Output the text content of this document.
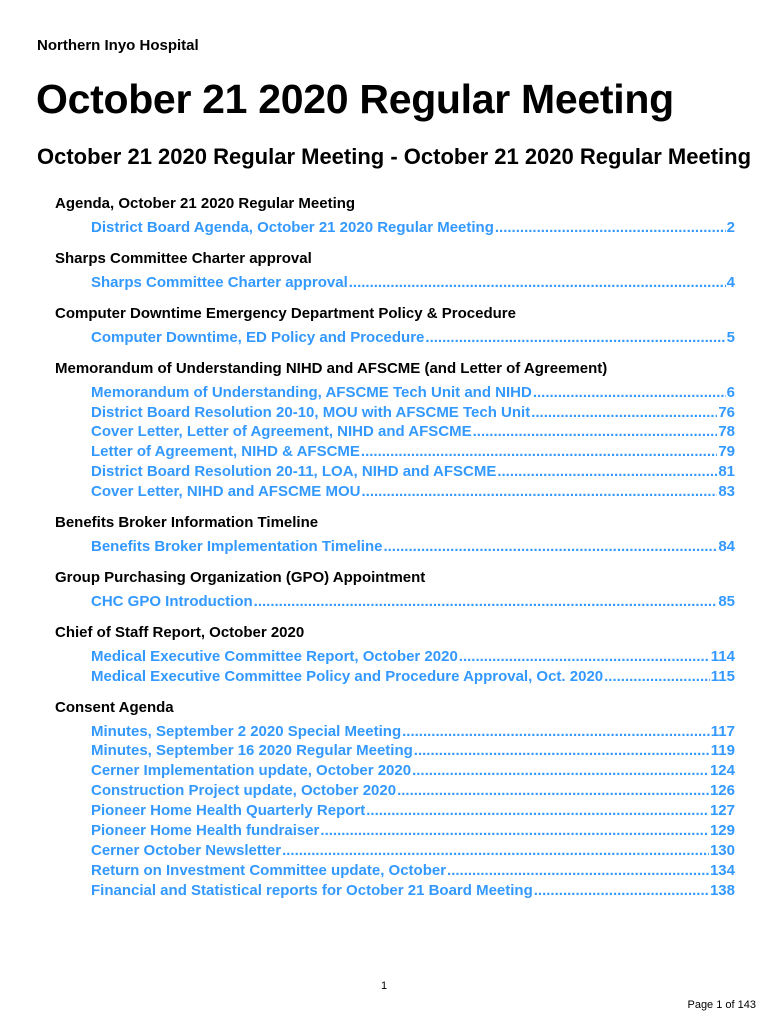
Northern Inyo Hospital
October 21 2020 Regular Meeting
October 21 2020 Regular Meeting - October 21 2020 Regular Meeting
Agenda, October 21 2020 Regular Meeting
District Board Agenda, October 21 2020 Regular Meeting .....	2
Sharps Committee Charter approval
Sharps Committee Charter approval .....	4
Computer Downtime Emergency Department Policy & Procedure
Computer Downtime, ED Policy and Procedure .....	5
Memorandum of Understanding NIHD and AFSCME (and Letter of Agreement)
Memorandum of Understanding, AFSCME Tech Unit and NIHD .....	6
District Board Resolution 20-10, MOU with AFSCME Tech Unit .....	76
Cover Letter, Letter of Agreement, NIHD and AFSCME .....	78
Letter of Agreement, NIHD & AFSCME .....	79
District Board Resolution 20-11, LOA, NIHD and AFSCME .....	81
Cover Letter, NIHD and AFSCME MOU .....	83
Benefits Broker Information Timeline
Benefits Broker Implementation Timeline .....	84
Group Purchasing Organization (GPO) Appointment
CHC GPO Introduction .....	85
Chief of Staff Report, October 2020
Medical Executive Committee Report, October 2020 .....	114
Medical Executive Committee Policy and Procedure Approval, Oct. 2020 .....	115
Consent Agenda
Minutes, September 2 2020 Special Meeting .....	117
Minutes, September 16 2020 Regular Meeting .....	119
Cerner Implementation update, October 2020 .....	124
Construction Project update, October 2020 .....	126
Pioneer Home Health Quarterly Report .....	127
Pioneer Home Health fundraiser .....	129
Cerner October Newsletter .....	130
Return on Investment Committee update, October .....	134
Financial and Statistical reports for October 21 Board Meeting .....	138
1
Page 1 of 143
